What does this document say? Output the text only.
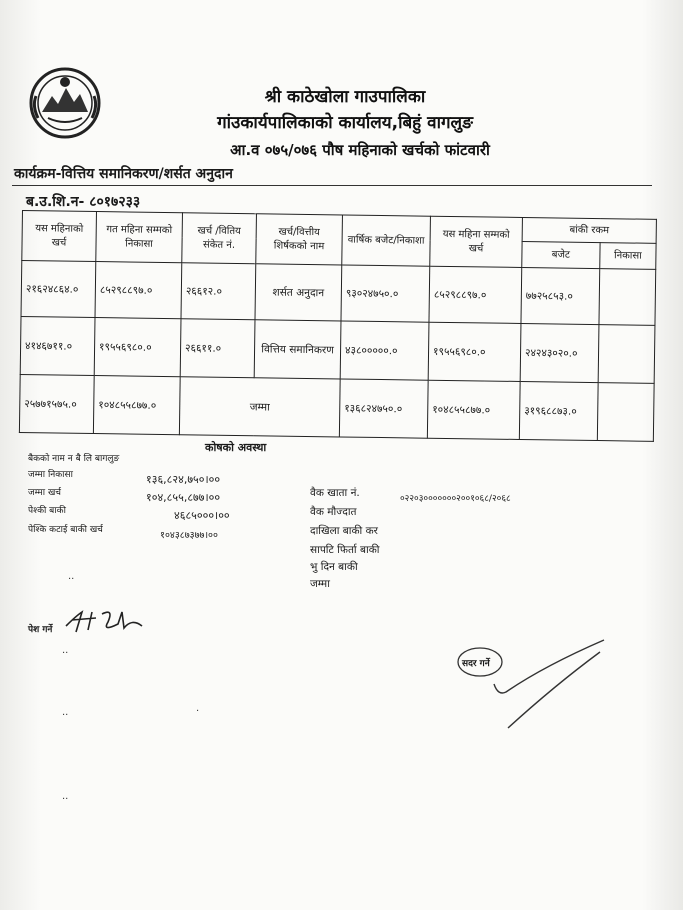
श्री काठेखोला गाउपालिका
गांउकार्यपालिकाको कार्यालय,बिहुं वागलुङ
आ.व ०७५/०७६ पौष महिनाको खर्चको फांटवारी
कार्यक्रम-वित्तिय समानिकरण/शर्सत अनुदान
ब.उ.शि.न- ८०१७२३३
यस महिनाको खर्च	गत महिना सम्मको निकासा	खर्च /वितिय संकेत नं.	खर्च/वित्तीय शिर्षकको नाम	वार्षिक बजेट/निकाशा	यस महिना सम्मको खर्च	बांकी रकम	
						बजेट	निकासा
२१६२४८६४.०	८५२९८८९७.०	२६६१२.०	शर्सत अनुदान	९३०२४७५०.०	८५२९८८९७.०	७७२५८५३.०	
४१४६७११.०	१९५५६९८०.०	२६६११.०	वित्तिय समानिकरण	४३८०००००.०	१९५५६९८०.०	२४२४३०२०.०	
२५७७१५७५.०	१०४८५५८७७.०	जम्मा		१३६८२४७५०.०	१०४८५५८७७.०	३१९६८८७३.०	
कोषको अवस्था
बैकको नाम न बै लि बागलुङ
जम्मा निकासा	१३६,८२४,७५०।००
जम्मा खर्च	१०४,८५५,८७७।००
पेश्की बाकी	४६८५०००।००
पेश्कि कटाई बाकी खर्च	१०४३८७३७७।००
वैक खाता नं.	०२२०३०००००००२००१०६८/२०६८
वैक मौज्दात
दाखिला बाकी कर
सापटि फिर्ता बाकी
भु दिन बाकी
जम्मा
··
पेश गर्ने
सदर गर्ने
··
··	·
··
